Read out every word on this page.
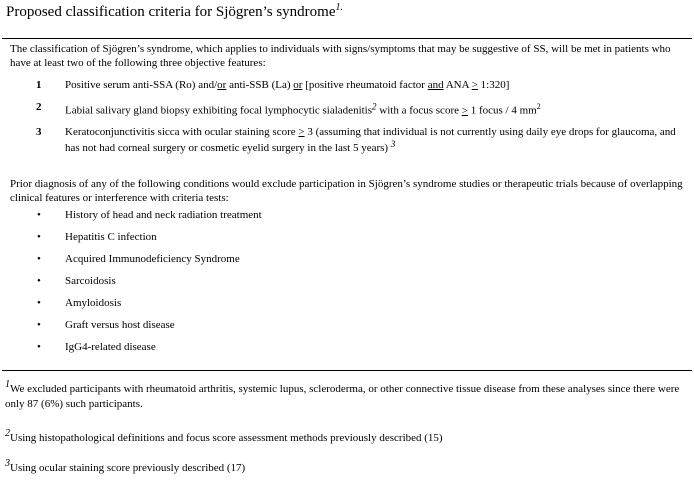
Proposed classification criteria for Sjögren’s syndrome$^{1.}$
The classification of Sjögren’s syndrome, which applies to individuals with signs/symptoms that may be suggestive of SS, will be met in patients who have at least two of the following three objective features:
1	Positive serum anti-SSA (Ro) and/or anti-SSB (La) or [positive rheumatoid factor and ANA ≥ 1:320]
2	Labial salivary gland biopsy exhibiting focal lymphocytic sialadenitis$^2$ with a focus score ≥ 1 focus / 4 $mm^2$
3	Keratoconjunctivitis sicca with ocular staining score ≥ 3 (assuming that individual is not currently using daily eye drops for glaucoma, and has not had corneal surgery or cosmetic eyelid surgery in the last 5 years) $^3$
Prior diagnosis of any of the following conditions would exclude participation in Sjögren’s syndrome studies or therapeutic trials because of overlapping clinical features or interference with criteria tests:
• History of head and neck radiation treatment
• Hepatitis C infection
• Acquired Immunodeficiency Syndrome
• Sarcoidosis
• Amyloidosis
• Graft versus host disease
• IgG4-related disease
$^1$We excluded participants with rheumatoid arthritis, systemic lupus, scleroderma, or other connective tissue disease from these analyses since there were only 87 (6%) such participants.
$^2$Using histopathological definitions and focus score assessment methods previously described (15)
$^3$Using ocular staining score previously described (17)
